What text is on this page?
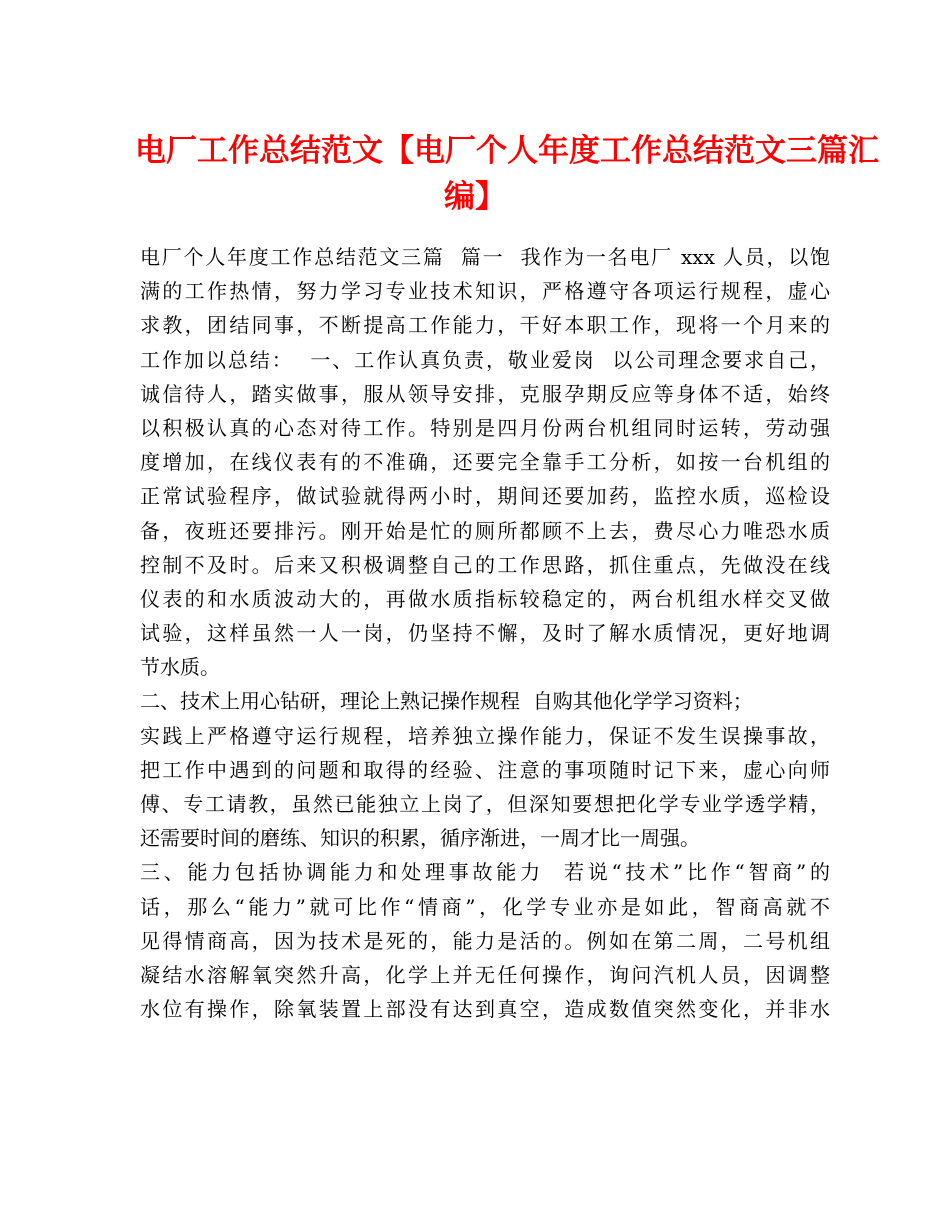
电厂工作总结范文【电厂个人年度工作总结范文三篇汇
编】
电厂个人年度工作总结范文三篇  篇一  我作为一名电厂 xxx 人员，以饱
满的工作热情，努力学习专业技术知识，严格遵守各项运行规程，虚心
求教，团结同事，不断提高工作能力，干好本职工作，现将一个月来的
工作加以总结：  一、工作认真负责，敬业爱岗  以公司理念要求自己，
诚信待人，踏实做事，服从领导安排，克服孕期反应等身体不适，始终
以积极认真的心态对待工作。特别是四月份两台机组同时运转，劳动强
度增加，在线仪表有的不准确，还要完全靠手工分析，如按一台机组的
正常试验程序，做试验就得两小时，期间还要加药，监控水质，巡检设
备，夜班还要排污。刚开始是忙的厕所都顾不上去，费尽心力唯恐水质
控制不及时。后来又积极调整自己的工作思路，抓住重点，先做没在线
仪表的和水质波动大的，再做水质指标较稳定的，两台机组水样交叉做
试验，这样虽然一人一岗，仍坚持不懈，及时了解水质情况，更好地调
节水质。
二、技术上用心钻研，理论上熟记操作规程  自购其他化学学习资料；
实践上严格遵守运行规程，培养独立操作能力，保证不发生误操事故，
把工作中遇到的问题和取得的经验、注意的事项随时记下来，虚心向师
傅、专工请教，虽然已能独立上岗了，但深知要想把化学专业学透学精，
还需要时间的磨练、知识的积累，循序渐进，一周才比一周强。
三、能力包括协调能力和处理事故能力  若说“技术”比作“智商”的
话，那么“能力”就可比作“情商”，化学专业亦是如此，智商高就不
见得情商高，因为技术是死的，能力是活的。例如在第二周，二号机组
凝结水溶解氧突然升高，化学上并无任何操作，询问汽机人员，因调整
水位有操作，除氧装置上部没有达到真空，造成数值突然变化，并非水
